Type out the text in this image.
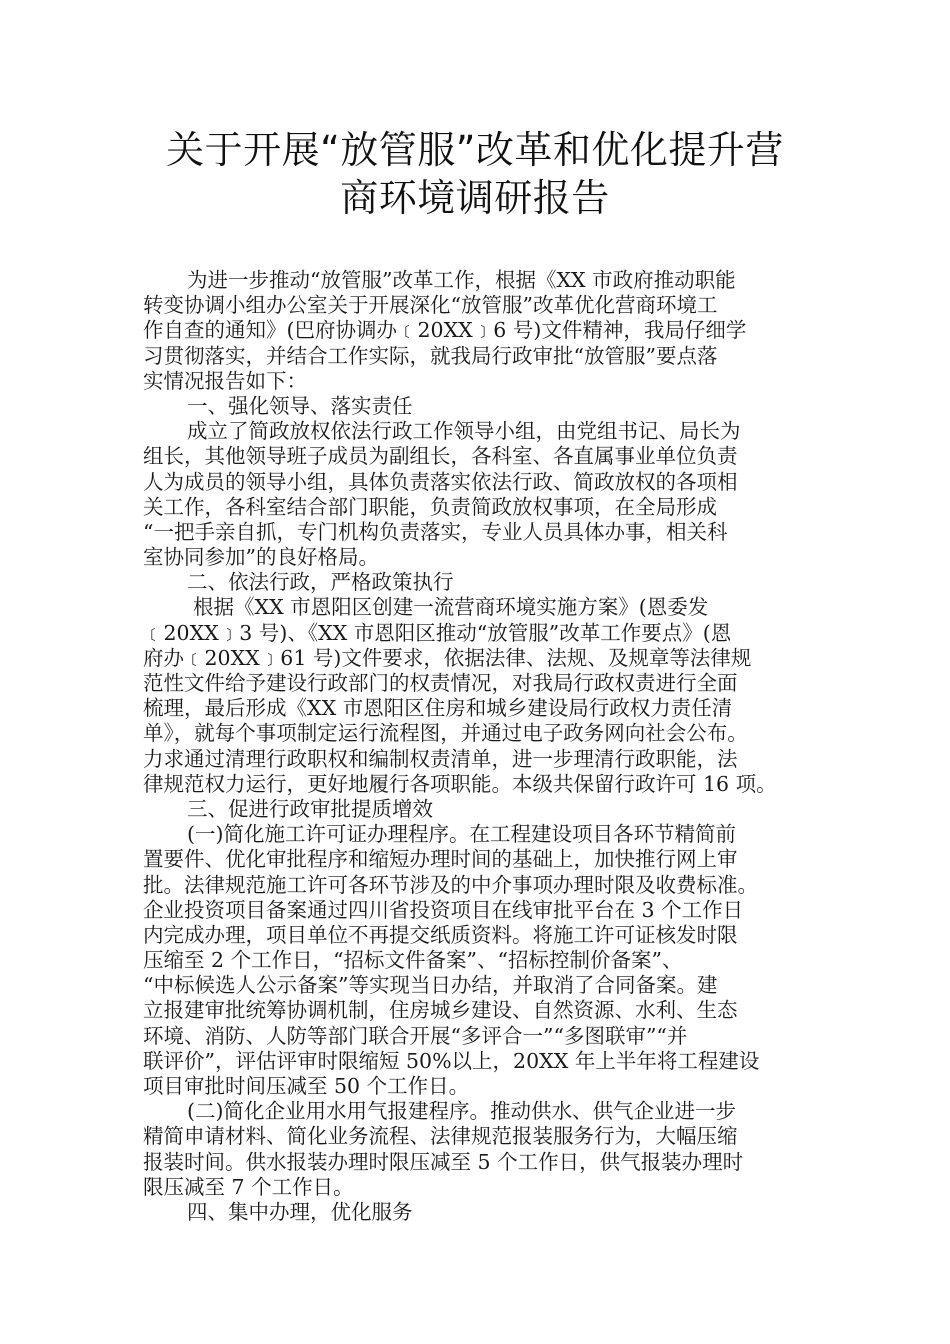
关于开展“放管服”改革和优化提升营
商环境调研报告
为进一步推动“放管服”改革工作，根据《XX 市政府推动职能
转变协调小组办公室关于开展深化“放管服”改革优化营商环境工
作自查的通知》(巴府协调办﹝20XX﹞6 号)文件精神，我局仔细学
习贯彻落实，并结合工作实际，就我局行政审批“放管服”要点落
实情况报告如下：
一、强化领导、落实责任
成立了简政放权依法行政工作领导小组，由党组书记、局长为
组长，其他领导班子成员为副组长，各科室、各直属事业单位负责
人为成员的领导小组，具体负责落实依法行政、简政放权的各项相
关工作，各科室结合部门职能，负责简政放权事项，在全局形成
“一把手亲自抓，专门机构负责落实，专业人员具体办事，相关科
室协同参加”的良好格局。
二、依法行政，严格政策执行
根据《XX 市恩阳区创建一流营商环境实施方案》(恩委发
﹝20XX﹞3 号)、《XX 市恩阳区推动“放管服”改革工作要点》(恩
府办﹝20XX﹞61 号)文件要求，依据法律、法规、及规章等法律规
范性文件给予建设行政部门的权责情况，对我局行政权责进行全面
梳理，最后形成《XX 市恩阳区住房和城乡建设局行政权力责任清
单》，就每个事项制定运行流程图，并通过电子政务网向社会公布。
力求通过清理行政职权和编制权责清单，进一步理清行政职能，法
律规范权力运行，更好地履行各项职能。本级共保留行政许可 16 项。
三、促进行政审批提质增效
(一)简化施工许可证办理程序。在工程建设项目各环节精简前
置要件、优化审批程序和缩短办理时间的基础上，加快推行网上审
批。法律规范施工许可各环节涉及的中介事项办理时限及收费标准。
企业投资项目备案通过四川省投资项目在线审批平台在 3 个工作日
内完成办理，项目单位不再提交纸质资料。将施工许可证核发时限
压缩至 2 个工作日，“招标文件备案”、“招标控制价备案”、
“中标候选人公示备案”等实现当日办结，并取消了合同备案。建
立报建审批统筹协调机制，住房城乡建设、自然资源、水利、生态
环境、消防、人防等部门联合开展“多评合一”“多图联审”“并
联评价”，评估评审时限缩短 50%以上，20XX 年上半年将工程建设
项目审批时间压减至 50 个工作日。
(二)简化企业用水用气报建程序。推动供水、供气企业进一步
精简申请材料、简化业务流程、法律规范报装服务行为，大幅压缩
报装时间。供水报装办理时限压减至 5 个工作日，供气报装办理时
限压减至 7 个工作日。
四、集中办理，优化服务
